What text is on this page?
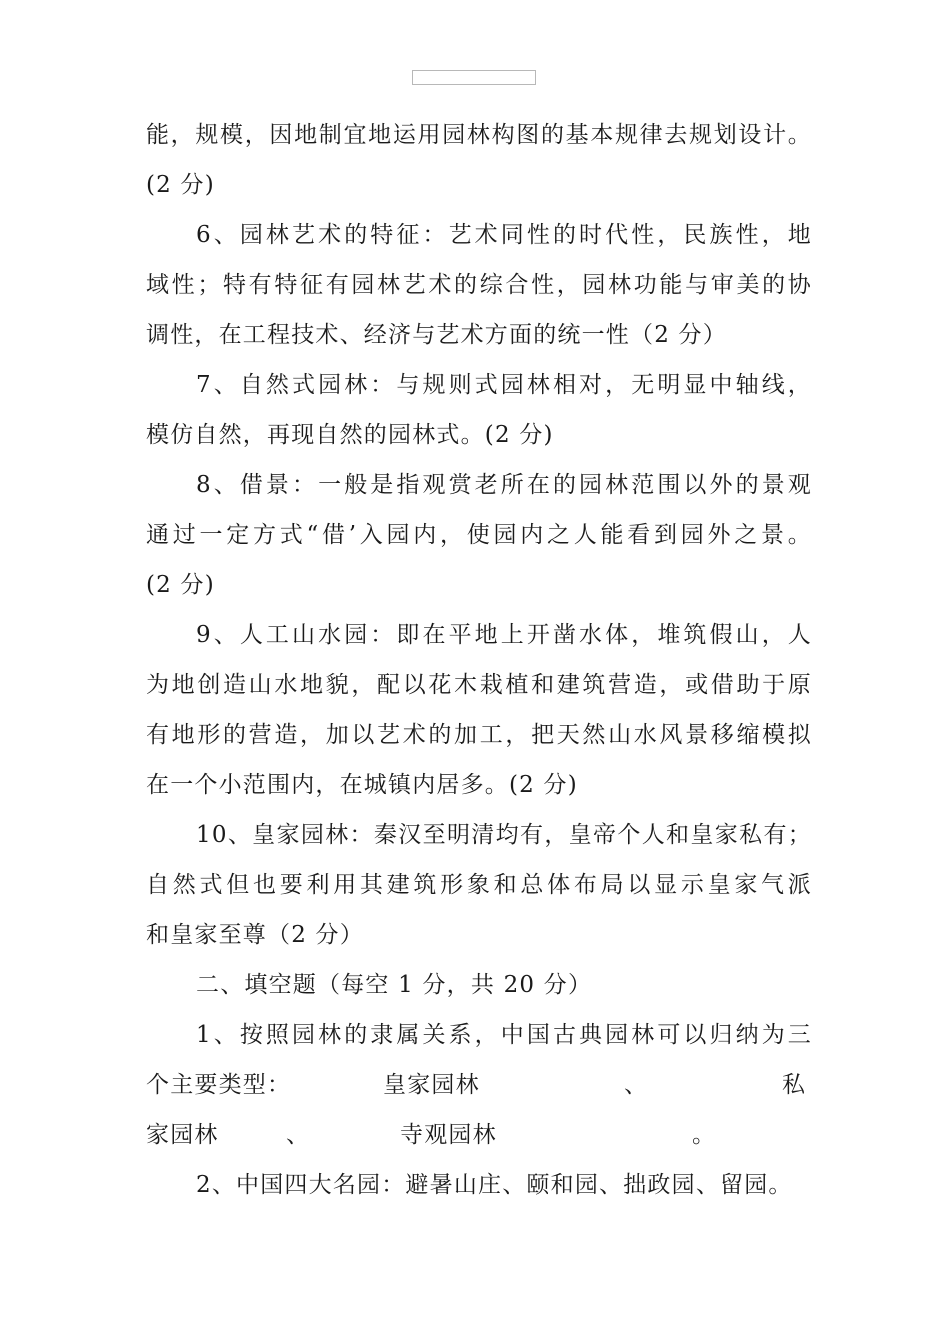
能，规模，因地制宜地运用园林构图的基本规律去规划设计。
(2 分)
6、园林艺术的特征：艺术同性的时代性，民族性，地
域性；特有特征有园林艺术的综合性，园林功能与审美的协
调性，在工程技术、经济与艺术方面的统一性（2 分）
7、自然式园林：与规则式园林相对，无明显中轴线，
模仿自然，再现自然的园林式。(2 分)
8、借景：一般是指观赏老所在的园林范围以外的景观
通过一定方式“借’入园内，使园内之人能看到园外之景。
(2 分)
9、人工山水园：即在平地上开凿水体，堆筑假山，人
为地创造山水地貌，配以花木栽植和建筑营造，或借助于原
有地形的营造，加以艺术的加工，把天然山水风景移缩模拟
在一个小范围内，在城镇内居多。(2 分)
10、皇家园林：秦汉至明清均有，皇帝个人和皇家私有；
自然式但也要利用其建筑形象和总体布局以显示皇家气派
和皇家至尊（2 分）
二、填空题（每空 1 分，共 20 分）
1、按照园林的隶属关系，中国古典园林可以归纳为三
个主要类型：	皇家园林	、	私
家园林	、	寺观园林	。
2、中国四大名园：避暑山庄、颐和园、拙政园、留园。
